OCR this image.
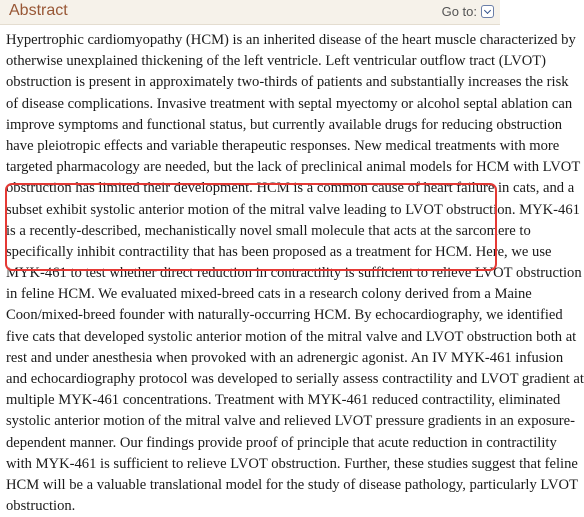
Abstract	Go to:
Hypertrophic cardiomyopathy (HCM) is an inherited disease of the heart muscle characterized by
otherwise unexplained thickening of the left ventricle. Left ventricular outflow tract (LVOT)
obstruction is present in approximately two-thirds of patients and substantially increases the risk
of disease complications. Invasive treatment with septal myectomy or alcohol septal ablation can
improve symptoms and functional status, but currently available drugs for reducing obstruction
have pleiotropic effects and variable therapeutic responses. New medical treatments with more
targeted pharmacology are needed, but the lack of preclinical animal models for HCM with LVOT
obstruction has limited their development. HCM is a common cause of heart failure in cats, and a
subset exhibit systolic anterior motion of the mitral valve leading to LVOT obstruction. MYK-461
is a recently-described, mechanistically novel small molecule that acts at the sarcomere to
specifically inhibit contractility that has been proposed as a treatment for HCM. Here, we use
MYK-461 to test whether direct reduction in contractility is sufficient to relieve LVOT obstruction
in feline HCM. We evaluated mixed-breed cats in a research colony derived from a Maine
Coon/mixed-breed founder with naturally-occurring HCM. By echocardiography, we identified
five cats that developed systolic anterior motion of the mitral valve and LVOT obstruction both at
rest and under anesthesia when provoked with an adrenergic agonist. An IV MYK-461 infusion
and echocardiography protocol was developed to serially assess contractility and LVOT gradient at
multiple MYK-461 concentrations. Treatment with MYK-461 reduced contractility, eliminated
systolic anterior motion of the mitral valve and relieved LVOT pressure gradients in an exposure-
dependent manner. Our findings provide proof of principle that acute reduction in contractility
with MYK-461 is sufficient to relieve LVOT obstruction. Further, these studies suggest that feline
HCM will be a valuable translational model for the study of disease pathology, particularly LVOT
obstruction.
